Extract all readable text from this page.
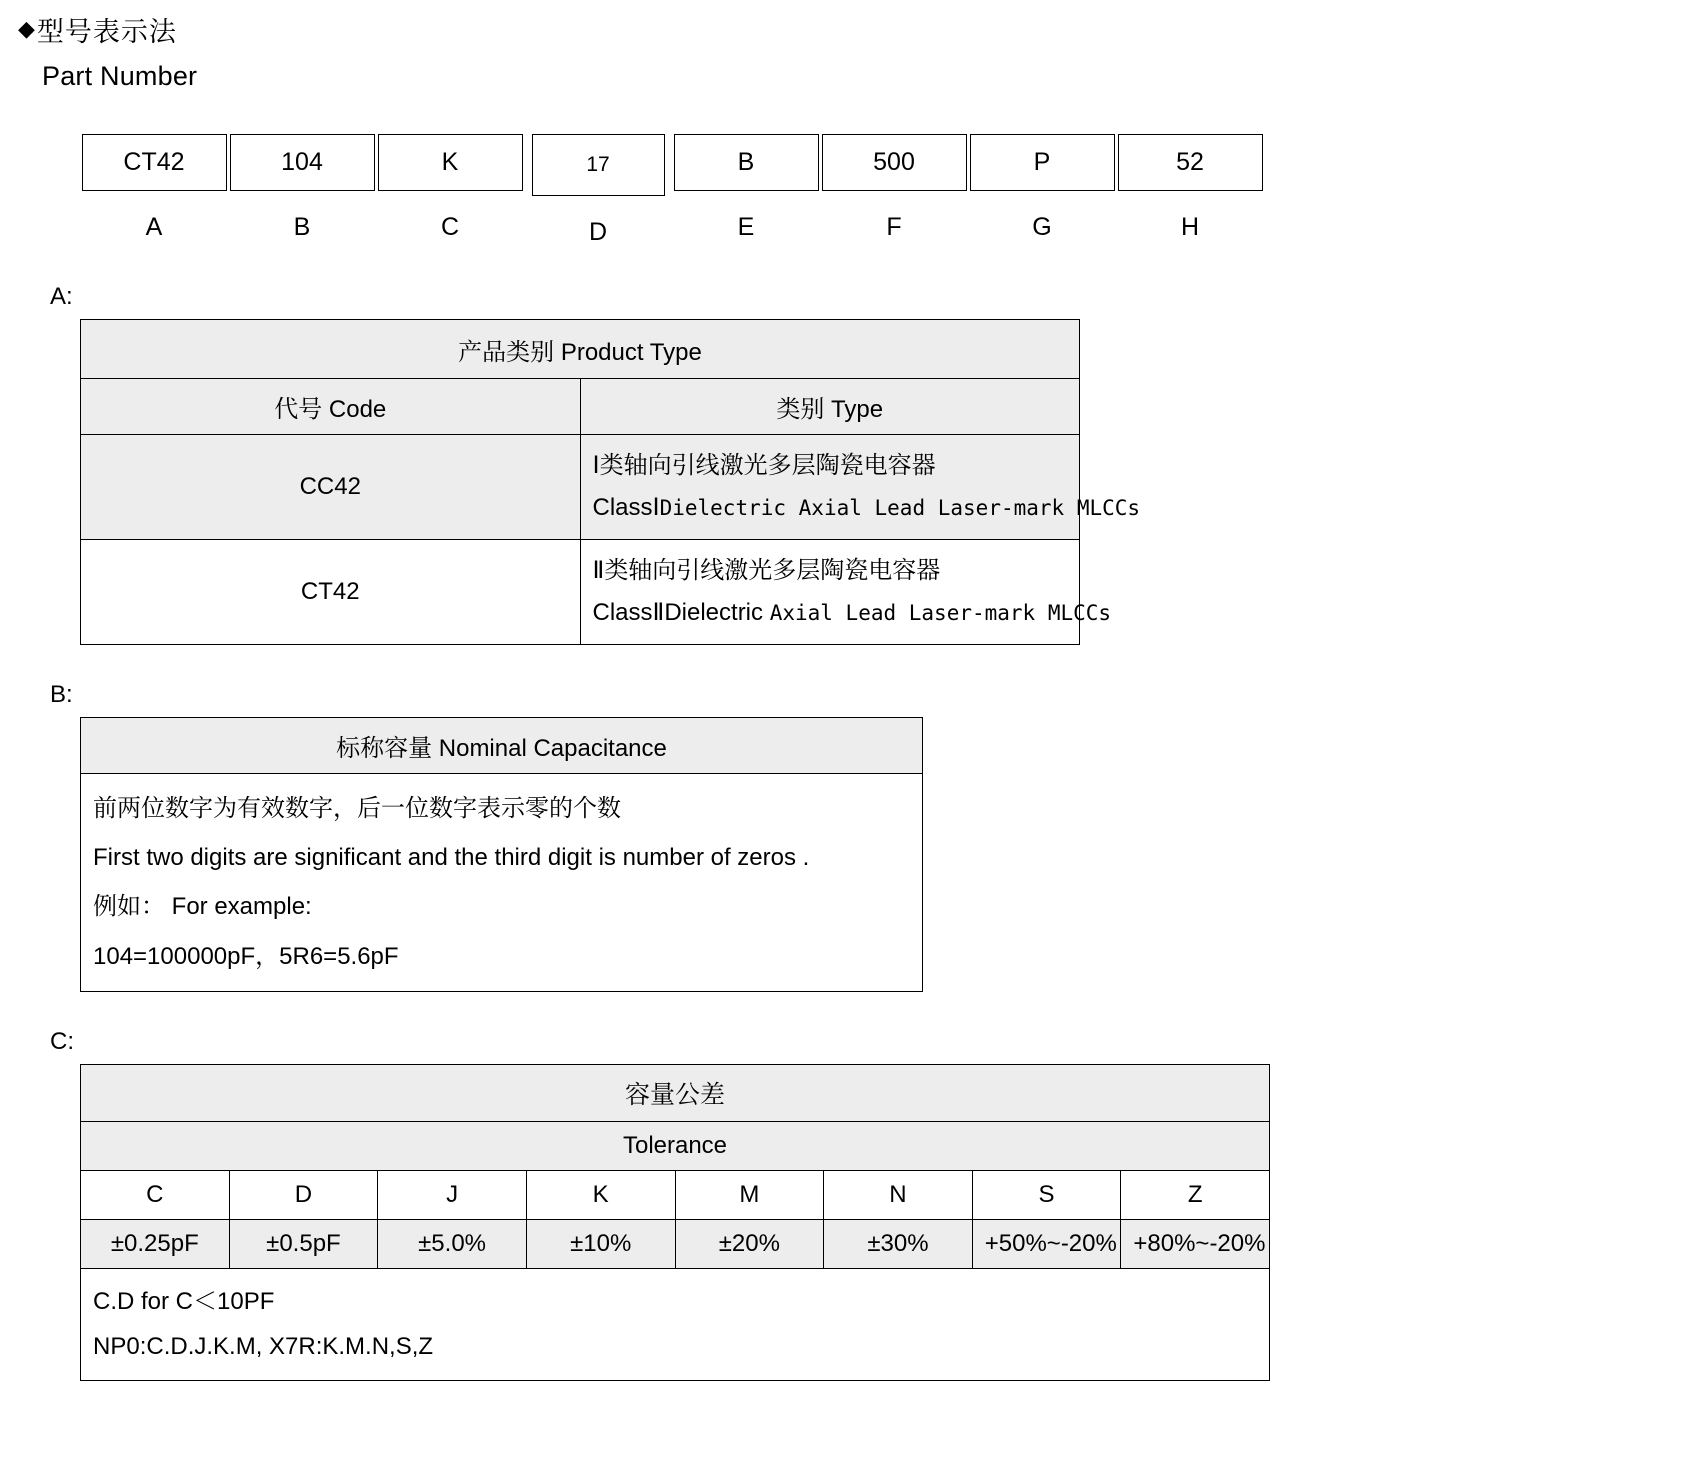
◆ 型号表示法
Part Number
CT42
A
104
B
K
C
17
D
B
E
500
F
P
G
52
H
A:
产品类别 Product Type	
代号 Code	类别 Type
CC42	Ⅰ类轴向引线激光多层陶瓷电容器
ClassⅠDielectric Axial Lead Laser-mark MLCCs

CT42	Ⅱ类轴向引线激光多层陶瓷电容器
ClassⅡDielectric Axial Lead Laser-mark MLCCs
B:
标称容量 Nominal Capacitance

前两位数字为有效数字，后一位数字表示零的个数
First two digits are significant and the third digit is number of zeros .
例如： For example:
104=100000pF，5R6=5.6pF
C:
容量公差							
Tolerance							
C	D	J	K	M	N	S	Z
±0.25pF	±0.5pF	±5.0%	±10%	±20%	±30%	+50%~-20%	+80%~-20%

C.D for C＜10PF
NP0:C.D.J.K.M, X7R:K.M.N,S,Z							
